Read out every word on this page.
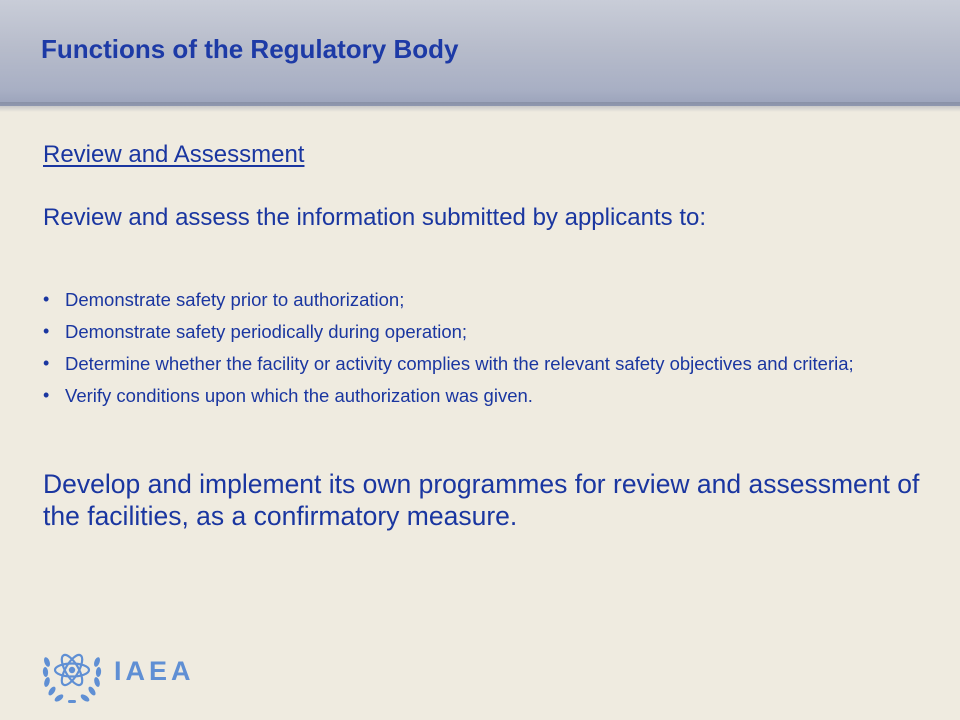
Functions of the Regulatory Body

Review and Assessment

Review and assess the information submitted by applicants to:

• Demonstrate safety prior to authorization;
• Demonstrate safety periodically during operation;
• Determine whether the facility or activity complies with the relevant safety objectives and criteria;
• Verify conditions upon which the authorization was given.

Develop and implement its own programmes for review and assessment of the facilities, as a confirmatory measure.

IAEA
